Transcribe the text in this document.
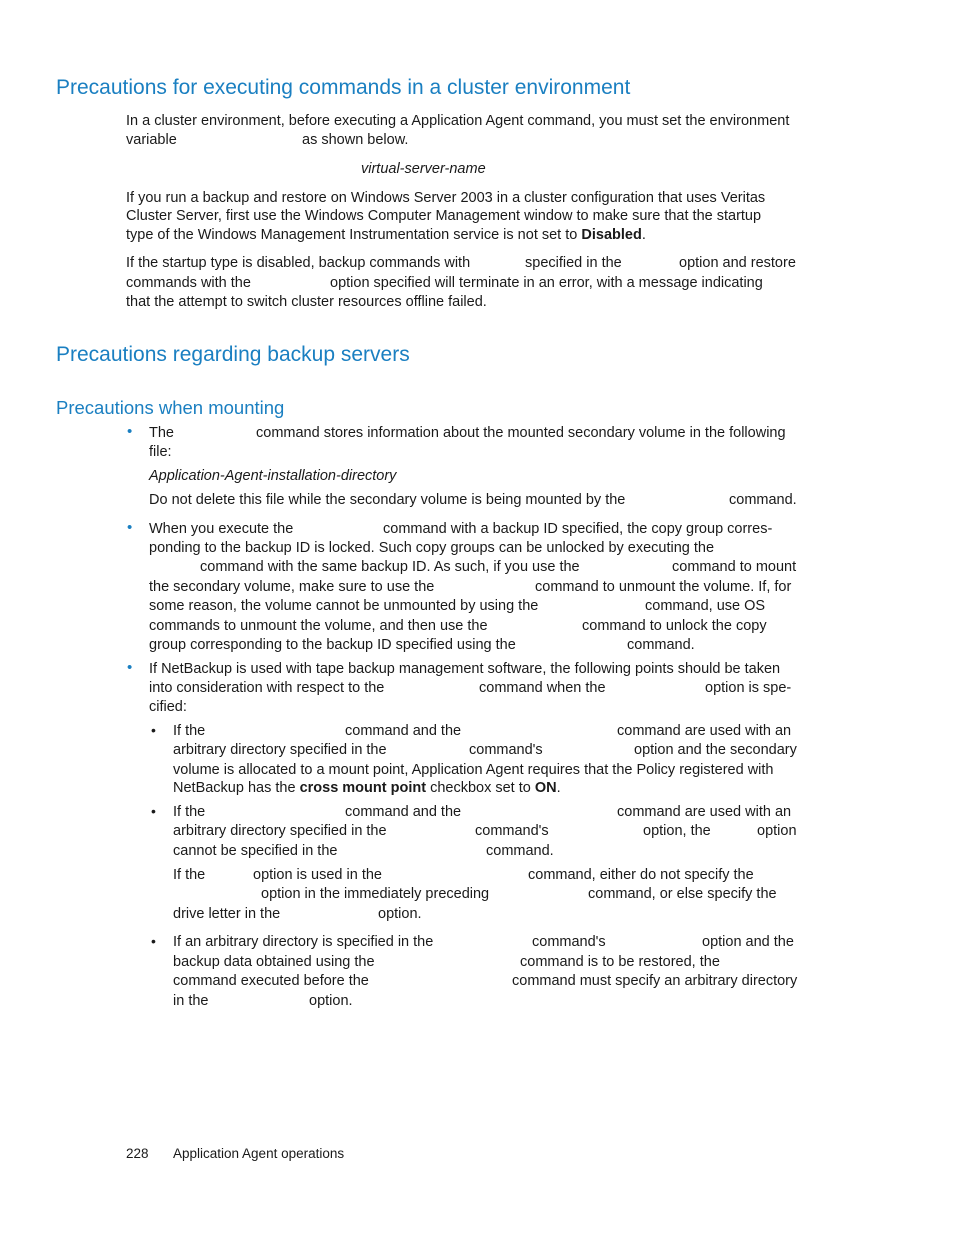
Precautions for executing commands in a cluster environment
In a cluster environment, before executing a Application Agent command, you must set the environment
variable	as shown below.
virtual-server-name
If you run a backup and restore on Windows Server 2003 in a cluster configuration that uses Veritas
Cluster Server, first use the Windows Computer Management window to make sure that the startup
type of the Windows Management Instrumentation service is not set to Disabled.
If the startup type is disabled, backup commands with	specified in the	option and restore
commands with the	option specified will terminate in an error, with a message indicating
that the attempt to switch cluster resources offline failed.
Precautions regarding backup servers
Precautions when mounting
• The	command stores information about the mounted secondary volume in the following
file:
Application-Agent-installation-directory
Do not delete this file while the secondary volume is being mounted by the	command.
• When you execute the	command with a backup ID specified, the copy group corres-
ponding to the backup ID is locked. Such copy groups can be unlocked by executing the
command with the same backup ID. As such, if you use the	command to mount
the secondary volume, make sure to use the	command to unmount the volume. If, for
some reason, the volume cannot be unmounted by using the	command, use OS
commands to unmount the volume, and then use the	command to unlock the copy
group corresponding to the backup ID specified using the	command.
• If NetBackup is used with tape backup management software, the following points should be taken
into consideration with respect to the	command when the	option is spe-
cified:
• If the	command and the	command are used with an
arbitrary directory specified in the	command's	option and the secondary
volume is allocated to a mount point, Application Agent requires that the Policy registered with
NetBackup has the cross mount point checkbox set to ON.
• If the	command and the	command are used with an
arbitrary directory specified in the	command's	option, the	option
cannot be specified in the	command.
If the	option is used in the	command, either do not specify the
option in the immediately preceding	command, or else specify the
drive letter in the	option.
• If an arbitrary directory is specified in the	command's	option and the
backup data obtained using the	command is to be restored, the
command executed before the	command must specify an arbitrary directory
in the	option.
228 Application Agent operations
